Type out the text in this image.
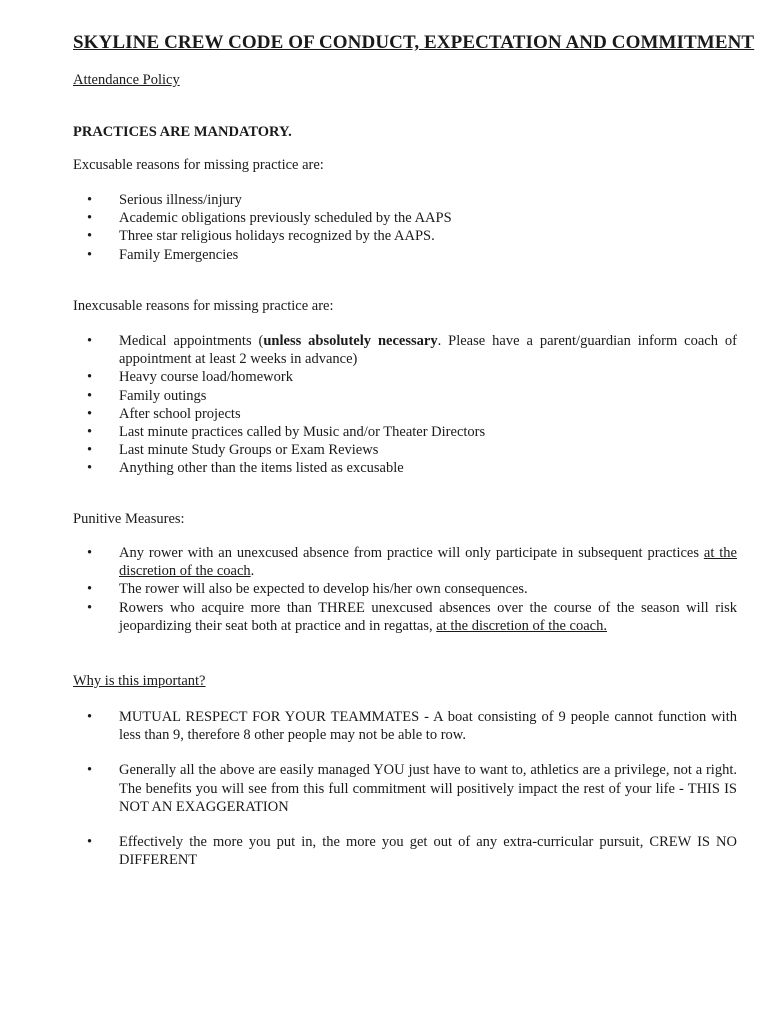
SKYLINE CREW CODE OF CONDUCT, EXPECTATION AND COMMITMENT
Attendance Policy
PRACTICES ARE MANDATORY.
Excusable reasons for missing practice are:
• Serious illness/injury
• Academic obligations previously scheduled by the AAPS
• Three star religious holidays recognized by the AAPS.
• Family Emergencies
Inexcusable reasons for missing practice are:
• Medical appointments (unless absolutely necessary. Please have a parent/guardian inform coach of appointment at least 2 weeks in advance)
• Heavy course load/homework
• Family outings
• After school projects
• Last minute practices called by Music and/or Theater Directors
• Last minute Study Groups or Exam Reviews
• Anything other than the items listed as excusable
Punitive Measures:
• Any rower with an unexcused absence from practice will only participate in subsequent practices at the discretion of the coach.
• The rower will also be expected to develop his/her own consequences.
• Rowers who acquire more than THREE unexcused absences over the course of the season will risk jeopardizing their seat both at practice and in regattas, at the discretion of the coach.
Why is this important?
• MUTUAL RESPECT FOR YOUR TEAMMATES - A boat consisting of 9 people cannot function with less than 9, therefore 8 other people may not be able to row.
• Generally all the above are easily managed YOU just have to want to, athletics are a privilege, not a right. The benefits you will see from this full commitment will positively impact the rest of your life - THIS IS NOT AN EXAGGERATION
• Effectively the more you put in, the more you get out of any extra-curricular pursuit, CREW IS NO DIFFERENT
